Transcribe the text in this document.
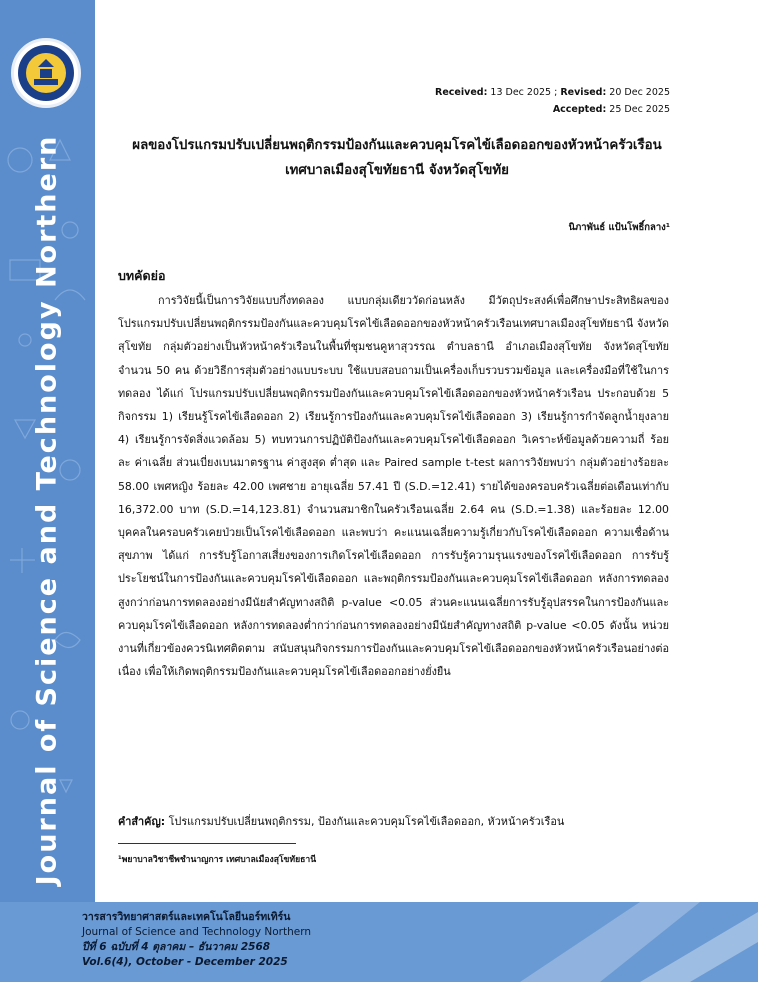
Journal of Science and Technology Northern
Received: 13 Dec 2025 ; Revised: 20 Dec 2025
Accepted: 25 Dec 2025
ผลของโปรแกรมปรับเปลี่ยนพฤติกรรมป้องกันและควบคุมโรคไข้เลือดออกของหัวหน้าครัวเรือน
เทศบาลเมืองสุโขทัยธานี จังหวัดสุโขทัย
นิภาพันธ์ แป้นโพธิ์กลาง¹
บทคัดย่อ
การวิจัยนี้เป็นการวิจัยแบบกึ่งทดลอง แบบกลุ่มเดียววัดก่อนหลัง มีวัตถุประสงค์เพื่อศึกษาประสิทธิผลของโปรแกรมปรับเปลี่ยนพฤติกรรมป้องกันและควบคุมโรคไข้เลือดออกของหัวหน้าครัวเรือนเทศบาลเมืองสุโขทัยธานี จังหวัดสุโขทัย กลุ่มตัวอย่างเป็นหัวหน้าครัวเรือนในพื้นที่ชุมชนคูหาสุวรรณ ตำบลธานี อำเภอเมืองสุโขทัย จังหวัดสุโขทัย จำนวน 50 คน ด้วยวิธีการสุ่มตัวอย่างแบบระบบ ใช้แบบสอบถามเป็นเครื่องเก็บรวบรวมข้อมูล และเครื่องมือที่ใช้ในการทดลอง ได้แก่ โปรแกรมปรับเปลี่ยนพฤติกรรมป้องกันและควบคุมโรคไข้เลือดออกของหัวหน้าครัวเรือน ประกอบด้วย 5 กิจกรรม 1) เรียนรู้โรคไข้เลือดออก 2) เรียนรู้การป้องกันและควบคุมโรคไข้เลือดออก 3) เรียนรู้การกำจัดลูกน้ำยุงลาย 4) เรียนรู้การจัดสิ่งแวดล้อม 5) ทบทวนการปฏิบัติป้องกันและควบคุมโรคไข้เลือดออก วิเคราะห์ข้อมูลด้วยความถี่ ร้อยละ ค่าเฉลี่ย ส่วนเบี่ยงเบนมาตรฐาน ค่าสูงสุด ต่ำสุด และ Paired sample t-test ผลการวิจัยพบว่า กลุ่มตัวอย่างร้อยละ 58.00 เพศหญิง ร้อยละ 42.00 เพศชาย อายุเฉลี่ย 57.41 ปี (S.D.=12.41) รายได้ของครอบครัวเฉลี่ยต่อเดือนเท่ากับ 16,372.00 บาท (S.D.=14,123.81) จำนวนสมาชิกในครัวเรือนเฉลี่ย 2.64 คน (S.D.=1.38) และร้อยละ 12.00 บุคคลในครอบครัวเคยป่วยเป็นโรคไข้เลือดออก และพบว่า คะแนนเฉลี่ยความรู้เกี่ยวกับโรคไข้เลือดออก ความเชื่อด้านสุขภาพ ได้แก่ การรับรู้โอกาสเสี่ยงของการเกิดโรคไข้เลือดออก การรับรู้ความรุนแรงของโรคไข้เลือดออก การรับรู้ประโยชน์ในการป้องกันและควบคุมโรคไข้เลือดออก และพฤติกรรมป้องกันและควบคุมโรคไข้เลือดออก หลังการทดลองสูงกว่าก่อนการทดลองอย่างมีนัยสำคัญทางสถิติ p-value <0.05 ส่วนคะแนนเฉลี่ยการรับรู้อุปสรรคในการป้องกันและควบคุมโรคไข้เลือดออก หลังการทดลองต่ำกว่าก่อนการทดลองอย่างมีนัยสำคัญทางสถิติ p-value <0.05 ดังนั้น หน่วยงานที่เกี่ยวข้องควรนิเทศติดตาม สนับสนุนกิจกรรมการป้องกันและควบคุมโรคไข้เลือดออกของหัวหน้าครัวเรือนอย่างต่อเนื่อง เพื่อให้เกิดพฤติกรรมป้องกันและควบคุมโรคไข้เลือดออกอย่างยั่งยืน
คำสำคัญ: โปรแกรมปรับเปลี่ยนพฤติกรรม, ป้องกันและควบคุมโรคไข้เลือดออก, หัวหน้าครัวเรือน
¹พยาบาลวิชาชีพชำนาญการ เทศบาลเมืองสุโขทัยธานี
วารสารวิทยาศาสตร์และเทคโนโลยีนอร์ทเทิร์น
Journal of Science and Technology Northern
ปีที่ 6 ฉบับที่ 4 ตุลาคม – ธันวาคม 2568
Vol.6(4), October - December 2025
